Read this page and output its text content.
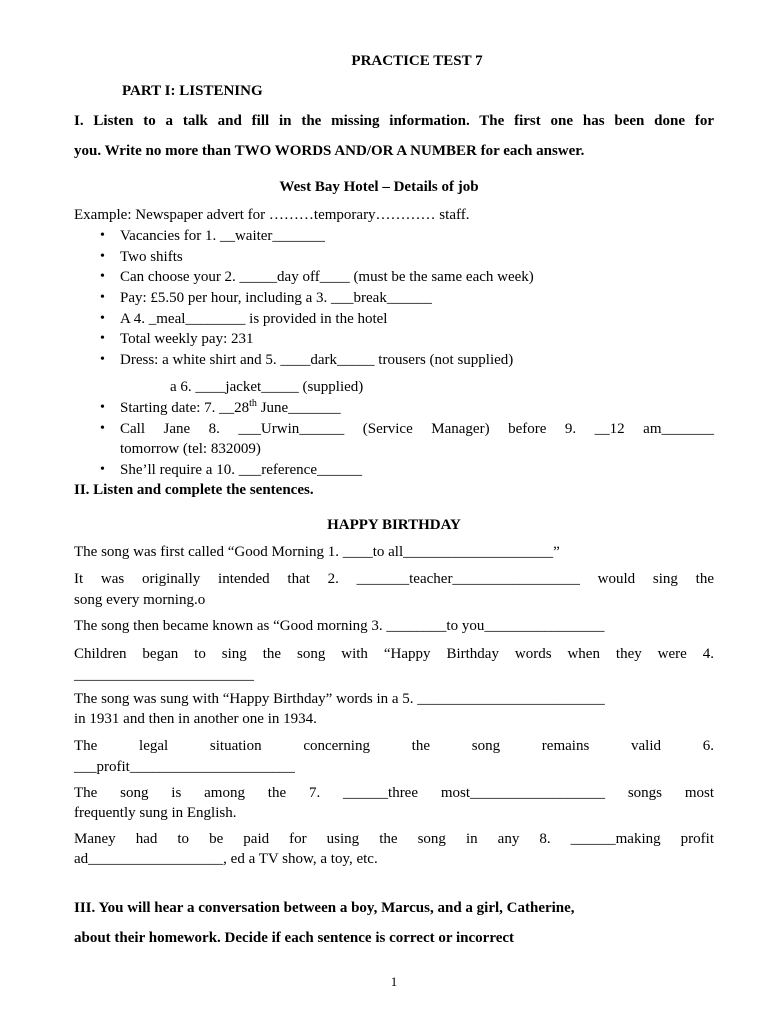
PRACTICE TEST 7
PART I: LISTENING
I. Listen to a talk and fill in the missing information. The first one has been done for
you. Write no more than TWO WORDS AND/OR A NUMBER for each answer.
West Bay Hotel – Details of job
Example: Newspaper advert for ………temporary………… staff.
• Vacancies for 1. __waiter_______
• Two shifts
• Can choose your 2. _____day off____ (must be the same each week)
• Pay: £5.50 per hour, including a 3. ___break______
• A 4. _meal________ is provided in the hotel
• Total weekly pay: 231
• Dress: a white shirt and 5. ____dark_____ trousers (not supplied)
a 6. ____jacket_____ (supplied)
• Starting date: 7. __28th June_______
• Call Jane 8. ___Urwin______ (Service Manager) before 9. __12 am_______
tomorrow (tel: 832009)
• She’ll require a 10. ___reference______
II. Listen and complete the sentences.
HAPPY BIRTHDAY
The song was first called “Good Morning 1. ____to all____________________”
It was originally intended that 2. _______teacher_________________ would sing the
song every morning.o
The song then became known as “Good morning 3. ________to you________________
Children began to sing the song with “Happy Birthday words when they were 4.
________________________
The song was sung with “Happy Birthday” words in a 5. _________________________
in 1931 and then in another one in 1934.
The legal situation concerning the song remains valid 6.
___profit______________________
The song is among the 7. ______three most__________________ songs most
frequently sung in English.
Maney had to be paid for using the song in any 8. ______making profit
ad__________________, ed a TV show, a toy, etc.
III. You will hear a conversation between a boy, Marcus, and a girl, Catherine,
about their homework. Decide if each sentence is correct or incorrect
1
